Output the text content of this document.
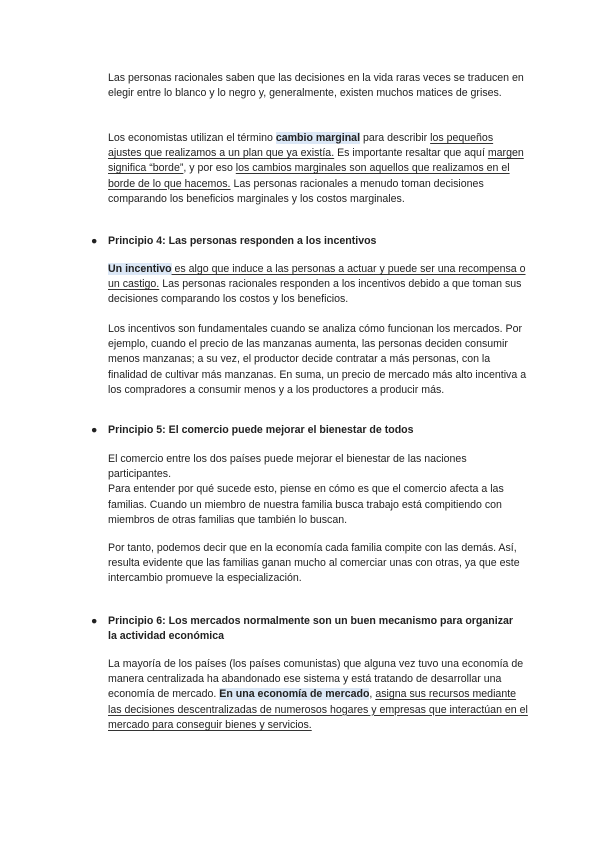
Las personas racionales saben que las decisiones en la vida raras veces se traducen en elegir entre lo blanco y lo negro y, generalmente, existen muchos matices de grises.

Los economistas utilizan el término cambio marginal para describir los pequeños ajustes que realizamos a un plan que ya existía. Es importante resaltar que aquí margen significa “borde”, y por eso los cambios marginales son aquellos que realizamos en el borde de lo que hacemos. Las personas racionales a menudo toman decisiones comparando los beneficios marginales y los costos marginales.

● Principio 4: Las personas responden a los incentivos

Un incentivo es algo que induce a las personas a actuar y puede ser una recompensa o un castigo. Las personas racionales responden a los incentivos debido a que toman sus decisiones comparando los costos y los beneficios.

Los incentivos son fundamentales cuando se analiza cómo funcionan los mercados. Por ejemplo, cuando el precio de las manzanas aumenta, las personas deciden consumir menos manzanas; a su vez, el productor decide contratar a más personas, con la finalidad de cultivar más manzanas. En suma, un precio de mercado más alto incentiva a los compradores a consumir menos y a los productores a producir más.

● Principio 5: El comercio puede mejorar el bienestar de todos

El comercio entre los dos países puede mejorar el bienestar de las naciones participantes.
Para entender por qué sucede esto, piense en cómo es que el comercio afecta a las familias. Cuando un miembro de nuestra familia busca trabajo está compitiendo con miembros de otras familias que también lo buscan.

Por tanto, podemos decir que en la economía cada familia compite con las demás. Así, resulta evidente que las familias ganan mucho al comerciar unas con otras, ya que este intercambio promueve la especialización.

● Principio 6: Los mercados normalmente son un buen mecanismo para organizar la actividad económica

La mayoría de los países (los países comunistas) que alguna vez tuvo una economía de manera centralizada ha abandonado ese sistema y está tratando de desarrollar una economía de mercado. En una economía de mercado, asigna sus recursos mediante las decisiones descentralizadas de numerosos hogares y empresas que interactúan en el mercado para conseguir bienes y servicios.
